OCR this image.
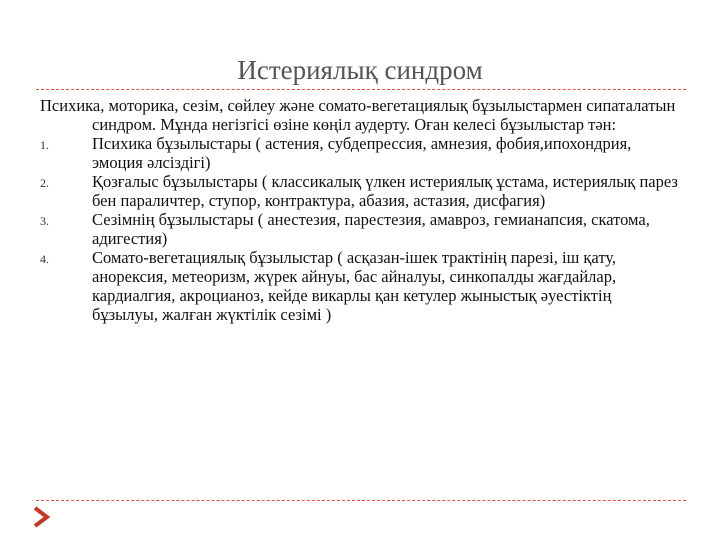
Истериялық синдром

Психика, моторика, сезім, сөйлеу және сомато-вегетациялық бұзылыстармен сипаталатын синдром. Мұнда негізгісі өзіне көңіл аудерту. Оған келесі бұзылыстар тән:

1.	Психика бұзылыстары ( астения, субдепрессия, амнезия, фобия,ипохондрия, эмоция әлсіздігі)
2.	Қозғалыс бұзылыстары ( классикалық үлкен истериялық ұстама, истериялық парез бен параличтер, ступор, контрактура, абазия, астазия, дисфагия)
3.	Сезімнің бұзылыстары ( анестезия, парестезия, амавроз, гемианапсия, скатома, адигестия)
4.	Сомато-вегетациялық бұзылыстар ( асқазан-ішек трактінің парезі, іш қату, анорексия, метеоризм, жүрек айнуы, бас айналуы, синкопалды жағдайлар, кардиалгия, акроцианоз, кейде викарлы қан кетулер жыныстық әуестіктің бұзылуы, жалған жүктілік сезімі )
